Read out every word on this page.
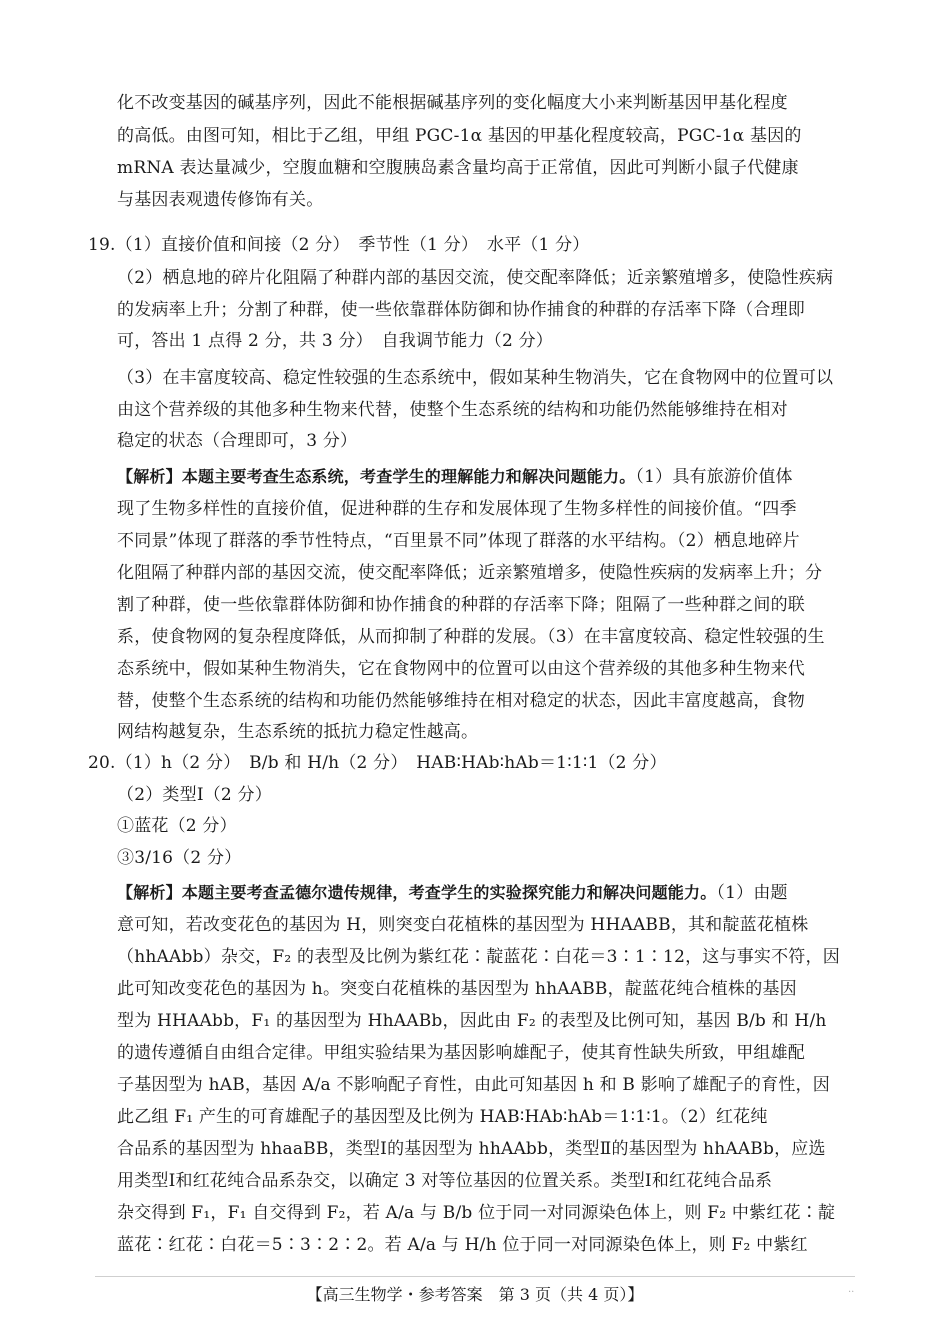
化不改变基因的碱基序列，因此不能根据碱基序列的变化幅度大小来判断基因甲基化程度
的高低。由图可知，相比于乙组，甲组 PGC-1α 基因的甲基化程度较高，PGC-1α 基因的
mRNA 表达量减少，空腹血糖和空腹胰岛素含量均高于正常值，因此可判断小鼠子代健康
与基因表观遗传修饰有关。
19.（1）直接价值和间接（2 分）　季节性（1 分）　水平（1 分）
（2）栖息地的碎片化阻隔了种群内部的基因交流，使交配率降低；近亲繁殖增多，使隐性疾病
的发病率上升；分割了种群，使一些依靠群体防御和协作捕食的种群的存活率下降（合理即
可，答出 1 点得 2 分，共 3 分）　自我调节能力（2 分）
（3）在丰富度较高、稳定性较强的生态系统中，假如某种生物消失，它在食物网中的位置可以
由这个营养级的其他多种生物来代替，使整个生态系统的结构和功能仍然能够维持在相对
稳定的状态（合理即可，3 分）
【解析】本题主要考查生态系统，考查学生的理解能力和解决问题能力。（1）具有旅游价值体
现了生物多样性的直接价值，促进种群的生存和发展体现了生物多样性的间接价值。“四季
不同景”体现了群落的季节性特点，“百里景不同”体现了群落的水平结构。（2）栖息地碎片
化阻隔了种群内部的基因交流，使交配率降低；近亲繁殖增多，使隐性疾病的发病率上升；分
割了种群，使一些依靠群体防御和协作捕食的种群的存活率下降；阻隔了一些种群之间的联
系，使食物网的复杂程度降低，从而抑制了种群的发展。（3）在丰富度较高、稳定性较强的生
态系统中，假如某种生物消失，它在食物网中的位置可以由这个营养级的其他多种生物来代
替，使整个生态系统的结构和功能仍然能够维持在相对稳定的状态，因此丰富度越高，食物
网结构越复杂，生态系统的抵抗力稳定性越高。
20.（1）h（2 分）　B/b 和 H/h（2 分）　HAB∶HAb∶hAb＝1∶1∶1（2 分）
（2）类型Ⅰ（2 分）
①蓝花（2 分）
③3/16（2 分）
【解析】本题主要考查孟德尔遗传规律，考查学生的实验探究能力和解决问题能力。（1）由题
意可知，若改变花色的基因为 H，则突变白花植株的基因型为 HHAABB，其和靛蓝花植株
（hhAAbb）杂交，F₂ 的表型及比例为紫红花∶靛蓝花∶白花＝3∶1∶12，这与事实不符，因
此可知改变花色的基因为 h。突变白花植株的基因型为 hhAABB，靛蓝花纯合植株的基因
型为 HHAAbb，F₁ 的基因型为 HhAABb，因此由 F₂ 的表型及比例可知，基因 B/b 和 H/h
的遗传遵循自由组合定律。甲组实验结果为基因影响雄配子，使其育性缺失所致，甲组雄配
子基因型为 hAB，基因 A/a 不影响配子育性，由此可知基因 h 和 B 影响了雄配子的育性，因
此乙组 F₁ 产生的可育雄配子的基因型及比例为 HAB∶HAb∶hAb＝1∶1∶1。（2）红花纯
合品系的基因型为 hhaaBB，类型Ⅰ的基因型为 hhAAbb，类型Ⅱ的基因型为 hhAABb，应选
用类型Ⅰ和红花纯合品系杂交，以确定 3 对等位基因的位置关系。类型Ⅰ和红花纯合品系
杂交得到 F₁，F₁ 自交得到 F₂，若 A/a 与 B/b 位于同一对同源染色体上，则 F₂ 中紫红花∶靛
蓝花∶红花∶白花＝5∶3∶2∶2。若 A/a 与 H/h 位于同一对同源染色体上，则 F₂ 中紫红
【高三生物学・参考答案　第 3 页（共 4 页）】	..
